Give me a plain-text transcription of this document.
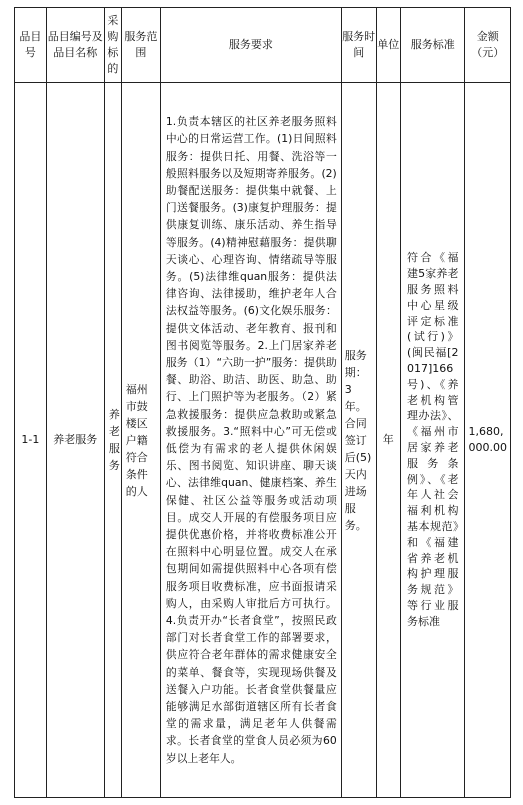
品目号	品目编号及品目名称	采购标的	服务范围	服务要求	服务时间	单位	服务标准	金额（元）
1-1	养老服务	养老服务	福州市鼓楼区户籍符合条件的人	1.负责本辖区的社区养老服务照料中心的日常运营工作。(1)日间照料服务：提供日托、用餐、洗浴等一般照料服务以及短期寄养服务。(2)助餐配送服务：提供集中就餐、上门送餐服务。(3)康复护理服务：提供康复训练、康乐活动、养生指导等服务。(4)精神慰藉服务：提供聊天谈心、心理咨询、情绪疏导等服务。(5)法律维quan服务：提供法律咨询、法律援助，维护老年人合法权益等服务。(6)文化娱乐服务：提供文体活动、老年教育、报刊和图书阅览等服务。2.上门居家养老服务（1）“六助一护”服务：提供助餐、助浴、助洁、助医、助急、助行、上门照护等为老服务。（2）紧急救援服务：提供应急救助或紧急救援服务。3.“照料中心”可无偿或低偿为有需求的老人提供休闲娱乐、图书阅览、知识讲座、聊天谈心、法律维quan、健康档案、养生保健、社区公益等服务或活动项目。成交人开展的有偿服务项目应提供优惠价格，并将收费标准公开在照料中心明显位置。成交人在承包期间如需提供照料中心各项有偿服务项目收费标准，应书面报请采购人，由采购人审批后方可执行。4.负责开办“长者食堂”，按照民政部门对长者食堂工作的部署要求，供应符合老年群体的需求健康安全的菜单、餐食等，实现现场供餐及送餐入户功能。长者食堂供餐量应能够满足水部街道辖区所有长者食堂的需求量，满足老年人供餐需求。长者食堂的堂食人员必须为60岁以上老年人。	服务期：3年。合同签订后(5)天内进场服务。	年	符合《福建5家养老服务照料中心星级评定标准(试行)》(闽民福[2017]166号)、《养老机构管理办法》、《福州市居家养老服务条例》、《老年人社会福利机构基本规范》和《福建省养老机构护理服务规范》等行业服务标准	1,680,000.00
